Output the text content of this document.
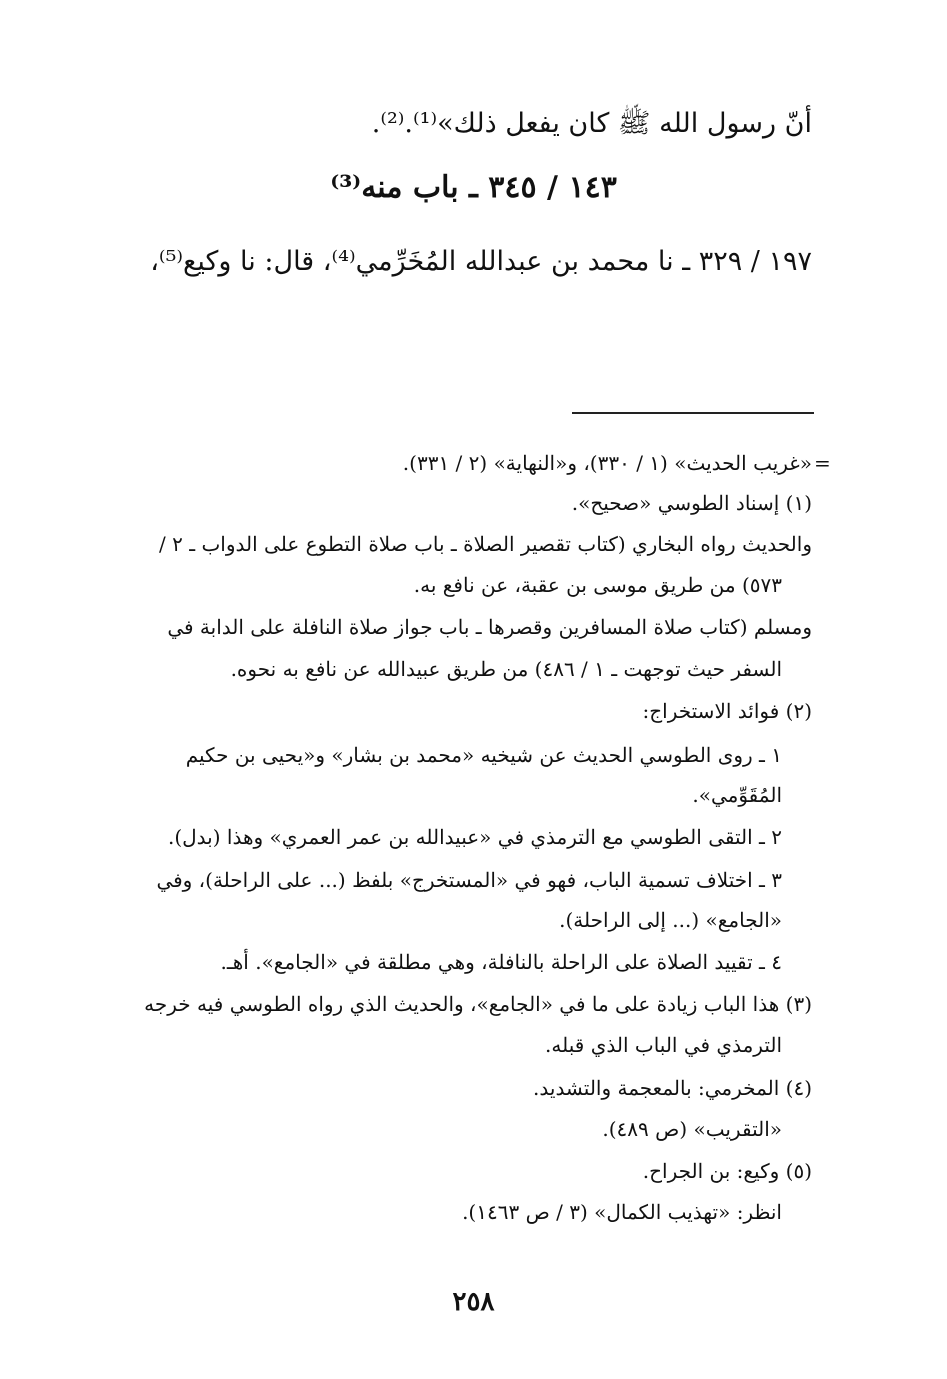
أنّ رسول الله ﷺ كان يفعل ذلك»⁽¹⁾.⁽²⁾.
١٤٣ / ٣٤٥ ـ باب منه⁽³⁾
١٩٧ / ٣٢٩ ـ نا محمد بن عبدالله المُخَرِّمي⁽⁴⁾، قال: نا وكيع⁽⁵⁾،
=
«غريب الحديث» (١ / ٣٣٠)، و«النهاية» (٢ / ٣٣١).
(١) إسناد الطوسي «صحيح».
والحديث رواه البخاري (كتاب تقصير الصلاة ـ باب صلاة التطوع على الدواب ـ ٢ /
٥٧٣) من طريق موسى بن عقبة، عن نافع به.
ومسلم (كتاب صلاة المسافرين وقصرها ـ باب جواز صلاة النافلة على الدابة في
السفر حيث توجهت ـ ١ / ٤٨٦) من طريق عبيدالله عن نافع به نحوه.
(٢) فوائد الاستخراج:
١ ـ روى الطوسي الحديث عن شيخيه «محمد بن بشار» و«يحيى بن حكيم
المُقَوِّمي».
٢ ـ التقى الطوسي مع الترمذي في «عبيدالله بن عمر العمري» وهذا (بدل).
٣ ـ اختلاف تسمية الباب، فهو في «المستخرج» بلفظ (... على الراحلة)، وفي
«الجامع» (... إلى الراحلة).
٤ ـ تقييد الصلاة على الراحلة بالنافلة، وهي مطلقة في «الجامع». أهـ.
(٣) هذا الباب زيادة على ما في «الجامع»، والحديث الذي رواه الطوسي فيه خرجه
الترمذي في الباب الذي قبله.
(٤) المخرمي: بالمعجمة والتشديد.
«التقريب» (ص ٤٨٩).
(٥) وكيع: بن الجراح.
انظر: «تهذيب الكمال» (٣ / ص ١٤٦٣).
٢٥٨
